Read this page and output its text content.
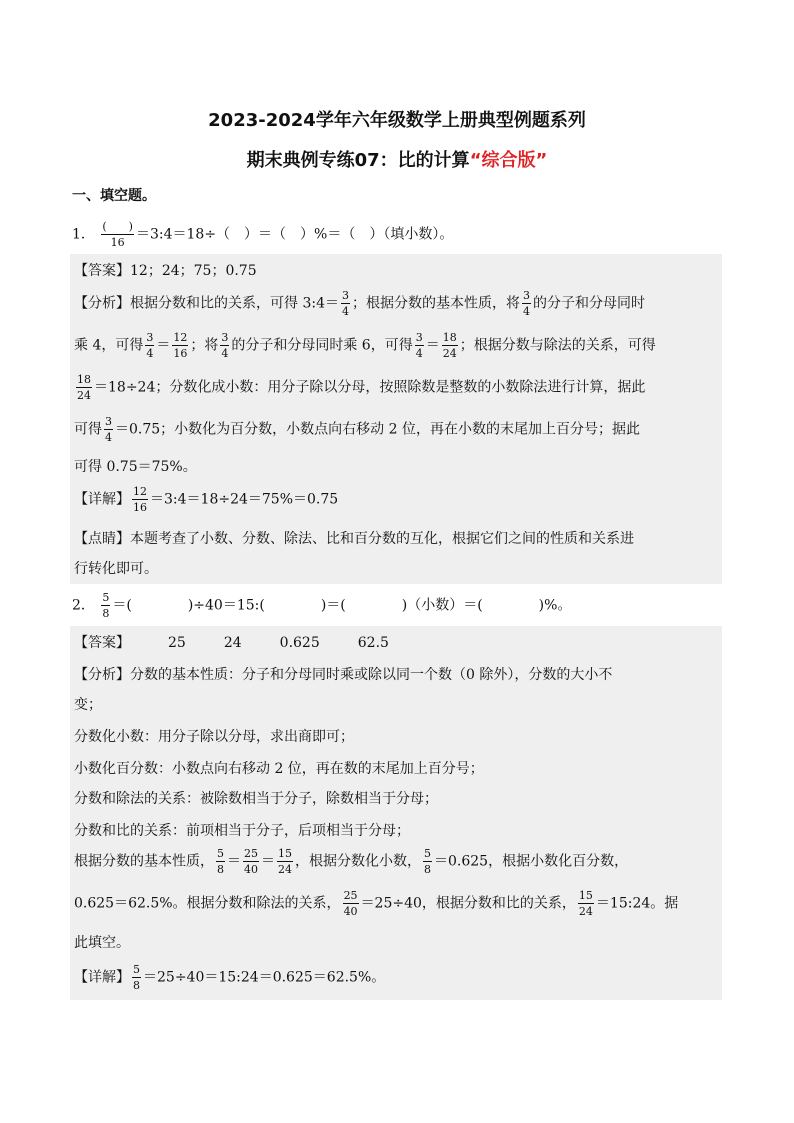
2023-2024学年六年级数学上册典型例题系列
期末典例专练07：比的计算“综合版”
一、填空题。
1． $\frac{( )}{16}$ ＝3:4＝18÷（　）＝（　）%＝（　）（填小数）。
【答案】12；24；75；0.75
【分析】根据分数和比的关系，可得 3:4＝ $\frac{3}{4}$ ；根据分数的基本性质，将 $\frac{3}{4}$ 的分子和分母同时
乘 4，可得 $\frac{3}{4} = \frac{12}{16}$ ；将 $\frac{3}{4}$ 的分子和分母同时乘 6，可得 $\frac{3}{4} = \frac{18}{24}$ ；根据分数与除法的关系，可得
$\frac{18}{24} =18\div 24$；分数化成小数：用分子除以分母，按照除数是整数的小数除法进行计算，据此
可得 $\frac{3}{4} =0.75$；小数化为百分数，小数点向右移动 2 位，再在小数的末尾加上百分号；据此
可得 0.75＝75%。
【详解】 $\frac{12}{16}$ ＝3:4＝18÷24＝75%＝0.75
【点睛】本题考查了小数、分数、除法、比和百分数的互化，根据它们之间的性质和关系进
行转化即可。
2． $\frac{5}{8}$ ＝(　　　　)÷40＝15:(　　　　)＝(　　　　)（小数）＝(　　　　)%。
【答案】	25	24	0.625	62.5
【分析】分数的基本性质：分子和分母同时乘或除以同一个数（0 除外），分数的大小不
变；
分数化小数：用分子除以分母，求出商即可；
小数化百分数：小数点向右移动 2 位，再在数的末尾加上百分号；
分数和除法的关系：被除数相当于分子，除数相当于分母；
分数和比的关系：前项相当于分子，后项相当于分母；
根据分数的基本性质， $\frac{5}{8} = \frac{25}{40} = \frac{15}{24}$ ，根据分数化小数， $\frac{5}{8} =0.625$，根据小数化百分数，
0.625＝62.5%。根据分数和除法的关系， $\frac{25}{40} =25\div 40$，根据分数和比的关系， $\frac{15}{24}$ ＝15:24。据
此填空。
【详解】 $\frac{5}{8}$ ＝25÷40＝15:24＝0.625＝62.5%。
